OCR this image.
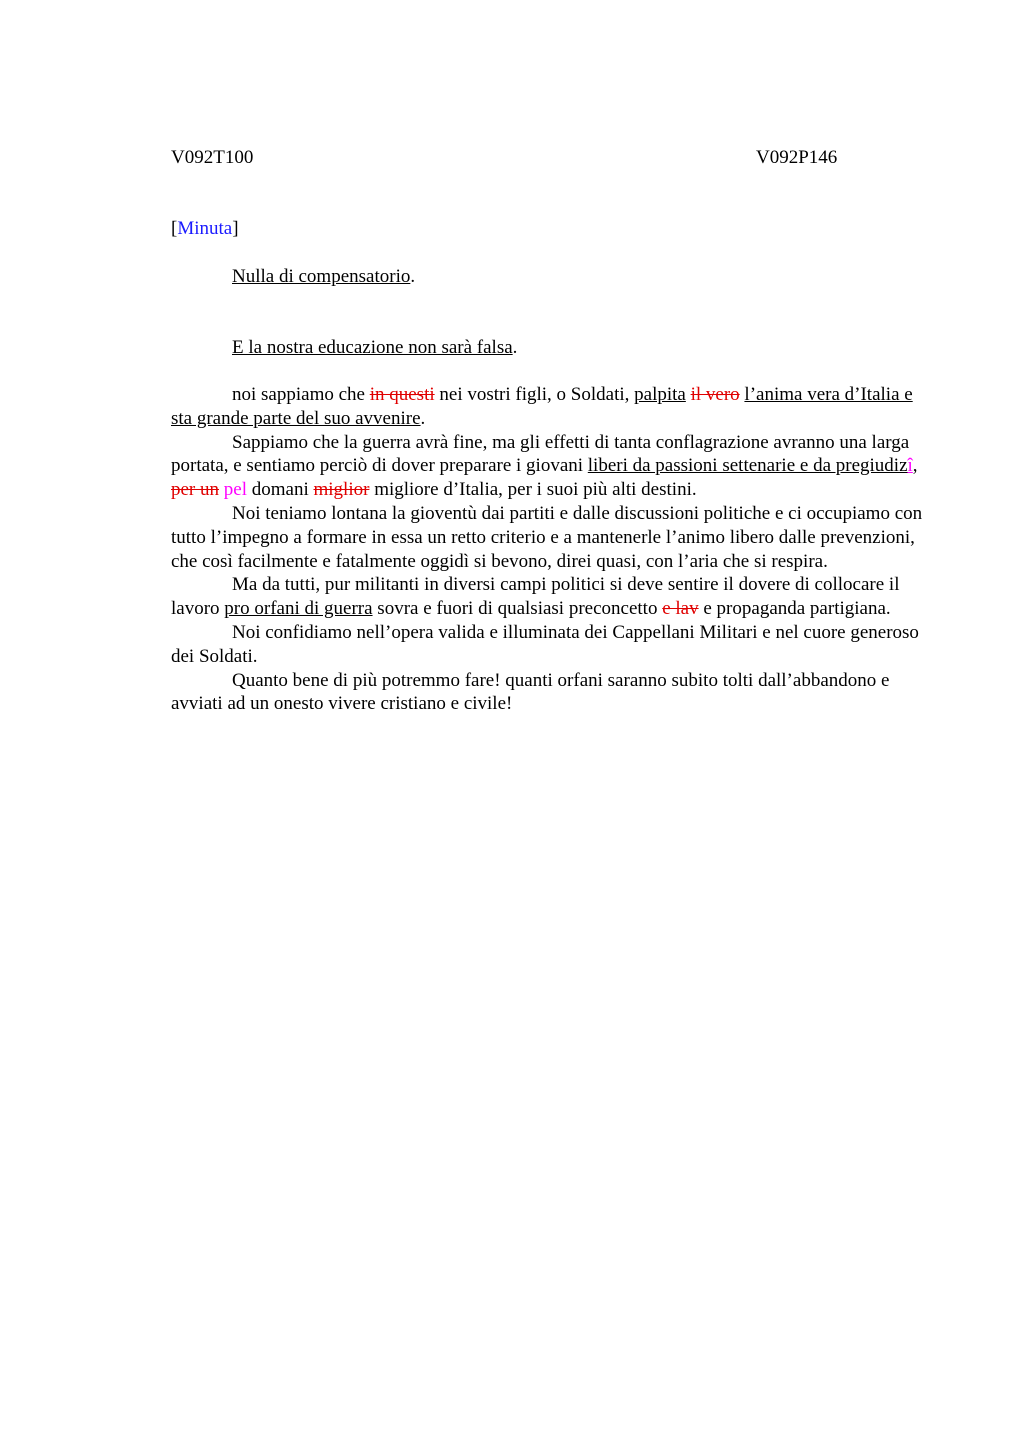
V092T100	V092P146
[Minuta]
Nulla di compensatorio.
E la nostra educazione non sarà falsa.

noi sappiamo che in questi nei vostri figli, o Soldati, palpita il vero l’anima vera d’Italia e sta grande parte del suo avvenire.

Sappiamo che la guerra avrà fine, ma gli effetti di tanta conflagrazione avranno una larga portata, e sentiamo perciò di dover preparare i giovani liberi da passioni settenarie e da pregiudizî, per un pel domani miglior migliore d’Italia, per i suoi più alti destini.

Noi teniamo lontana la gioventù dai partiti e dalle discussioni politiche e ci occupiamo con tutto l’impegno a formare in essa un retto criterio e a mantenerle l’animo libero dalle prevenzioni, che così facilmente e fatalmente oggidì si bevono, direi quasi, con l’aria che si respira.

Ma da tutti, pur militanti in diversi campi politici si deve sentire il dovere di collocare il lavoro pro orfani di guerra sovra e fuori di qualsiasi preconcetto e lav e propaganda partigiana.

Noi confidiamo nell’opera valida e illuminata dei Cappellani Militari e nel cuore generoso dei Soldati.

Quanto bene di più potremmo fare! quanti orfani saranno subito tolti dall’abbandono e avviati ad un onesto vivere cristiano e civile!
